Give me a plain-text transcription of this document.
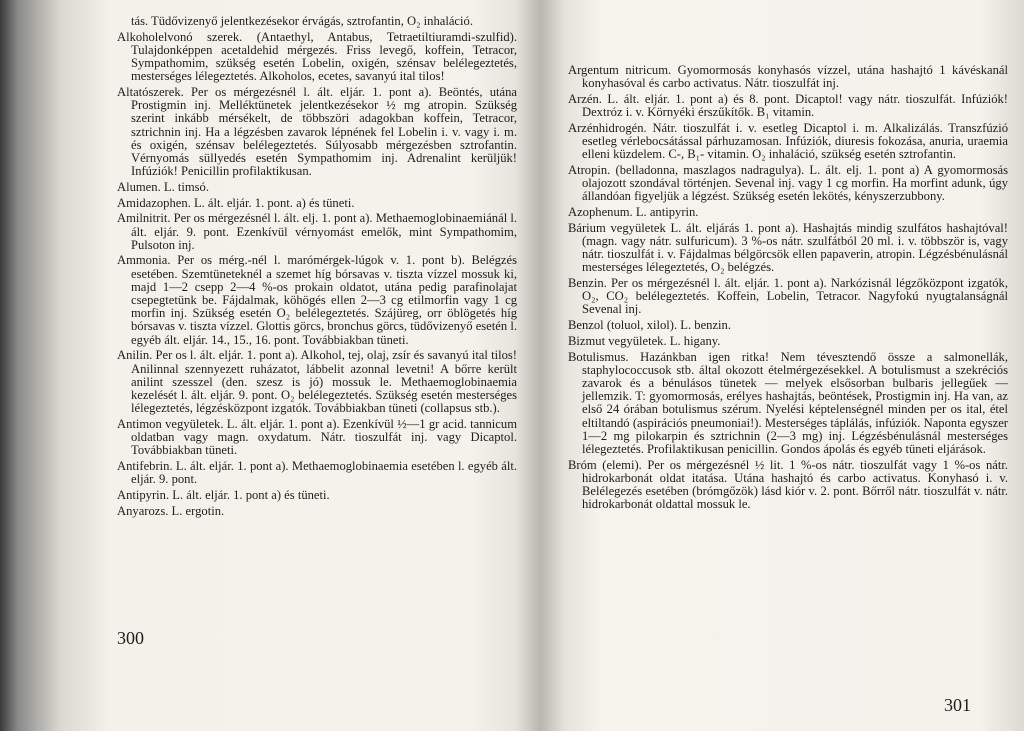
tás. Tüdővizenyő jelentkezésekor érvágás, sztrofantin, O₂ inhaláció.

Alkoholelvonó szerek. (Antaethyl, Antabus, Tetraetiltiuramdi-szulfid). Tulajdonképpen acetaldehid mérgezés. Friss levegő, koffein, Tetracor, Sympathomim, szükség esetén Lobelin, oxigén, szénsav belélegeztetés, mesterséges lélegeztetés. Alkoholos, ecetes, savanyú ital tilos!

Altatószerek. Per os mérgezésnél l. ált. eljár. 1. pont a). Beöntés, utána Prostigmin inj. Melléktünetek jelentkezésekor ½ mg atropin. Szükség szerint inkább mérsékelt, de többszöri adagokban koffein, Tetracor, sztrichnin inj. Ha a légzésben zavarok lépnének fel Lobelin i. v. vagy i. m. és oxigén, szénsav belélegeztetés. Súlyosabb mérgezésben sztrofantin. Vérnyomás süllyedés esetén Sympathomim inj. Adrenalint kerüljük! Infúziók! Penicillin profilaktikusan.

Alumen. L. timsó.

Amidazophen. L. ált. eljár. 1. pont. a) és tüneti.

Amilnitrit. Per os mérgezésnél l. ált. elj. 1. pont a). Methaemoglobinaemiánál l. ált. eljár. 9. pont. Ezenkívül vérnyomást emelők, mint Sympathomim, Pulsoton inj.

Ammonia. Per os mérg.-nél l. marómérgek-lúgok v. 1. pont b). Belégzés esetében. Szemtüneteknél a szemet híg bórsavas v. tiszta vízzel mossuk ki, majd 1—2 csepp 2—4 %-os prokain oldatot, utána pedig parafinolajat csepegtetünk be. Fájdalmak, köhögés ellen 2—3 cg etilmorfin vagy 1 cg morfin inj. Szükség esetén O₂ belélegeztetés. Szájüreg, orr öblögetés híg bórsavas v. tiszta vízzel. Glottis görcs, bronchus görcs, tüdővizenyő esetén l. egyéb ált. eljár. 14., 15., 16. pont. Továbbiakban tüneti.

Anilin. Per os l. ált. eljár. 1. pont a). Alkohol, tej, olaj, zsír és savanyú ital tilos! Anilinnal szennyezett ruházatot, lábbelit azonnal levetni! A bőrre került anilint szesszel (den. szesz is jó) mossuk le. Methaemoglobinaemia kezelését l. ált. eljár. 9. pont. O₂ belélegeztetés. Szükség esetén mesterséges lélegeztetés, légzésközpont izgatók. Továbbiakban tüneti (collapsus stb.).

Antimon vegyületek. L. ált. eljár. 1. pont a). Ezenkívül ½—1 gr acid. tannicum oldatban vagy magn. oxydatum. Nátr. tioszulfát inj. vagy Dicaptol. Továbbiakban tüneti.

Antifebrin. L. ált. eljár. 1. pont a). Methaemoglobinaemia esetében l. egyéb ált. eljár. 9. pont.

Antipyrin. L. ált. eljár. 1. pont a) és tüneti.

Anyarozs. L. ergotin.

300

Argentum nitricum. Gyomormosás konyhasós vízzel, utána hashajtó 1 kávéskanál konyhasóval és carbo activatus. Nátr. tioszulfát inj.

Arzén. L. ált. eljár. 1. pont a) és 8. pont. Dicaptol! vagy nátr. tioszulfát. Infúziók! Dextróz i. v. Környéki érszűkítők. B₁ vitamin.

Arzénhidrogén. Nátr. tioszulfát i. v. esetleg Dicaptol i. m. Alkalizálás. Transzfúzió esetleg vérlebocsátással párhuzamosan. Infúziók, diuresis fokozása, anuria, uraemia elleni küzdelem. C-, B₁- vitamin. O₂ inhaláció, szükség esetén sztrofantin.

Atropin. (belladonna, maszlagos nadragulya). L. ált. elj. 1. pont a) A gyomormosás olajozott szondával történjen. Sevenal inj. vagy 1 cg morfin. Ha morfint adunk, úgy állandóan figyeljük a légzést. Szükség esetén lekötés, kényszerzubbony.

Azophenum. L. antipyrin.

Bárium vegyületek L. ált. eljárás 1. pont a). Hashajtás mindig szulfátos hashajtóval! (magn. vagy nátr. sulfuricum). 3 %-os nátr. szulfátból 20 ml. i. v. többször is, vagy nátr. tioszulfát i. v. Fájdalmas bélgörcsök ellen papaverin, atropin. Légzésbénulásnál mesterséges lélegeztetés, O₂ belégzés.

Benzin. Per os mérgezésnél l. ált. eljár. 1. pont a). Narkózisnál légzőközpont izgatók, O₂, CO₂ belélegeztetés. Koffein, Lobelin, Tetracor. Nagyfokú nyugtalanságnál Sevenal inj.

Benzol (toluol, xilol). L. benzin.

Bizmut vegyületek. L. higany.

Botulismus. Hazánkban igen ritka! Nem tévesztendő össze a salmonellák, staphylococcusok stb. által okozott ételmérgezésekkel. A botulismust a szekréciós zavarok és a bénulásos tünetek — melyek elsősorban bulbaris jellegűek — jellemzik. T: gyomormosás, erélyes hashajtás, beöntések, Prostigmin inj. Ha van, az első 24 órában botulismus szérum. Nyelési képtelenségnél minden per os ital, étel eltiltandó (aspirációs pneumoniai!). Mesterséges táplálás, infúziók. Naponta egyszer 1—2 mg pilokarpin és sztrichnin (2—3 mg) inj. Légzésbénulásnál mesterséges lélegeztetés. Profilaktikusan penicillin. Gondos ápolás és egyéb tüneti eljárások.

Bróm (elemi). Per os mérgezésnél ½ lit. 1 %-os nátr. tioszulfát vagy 1 %-os nátr. hidrokarbonát oldat itatása. Utána hashajtó és carbo activatus. Konyhasó i. v. Belélegezés esetében (brómgőzök) lásd kiór v. 2. pont. Bőrről nátr. tioszulfát v. nátr. hidrokarbonát oldattal mossuk le.

301
